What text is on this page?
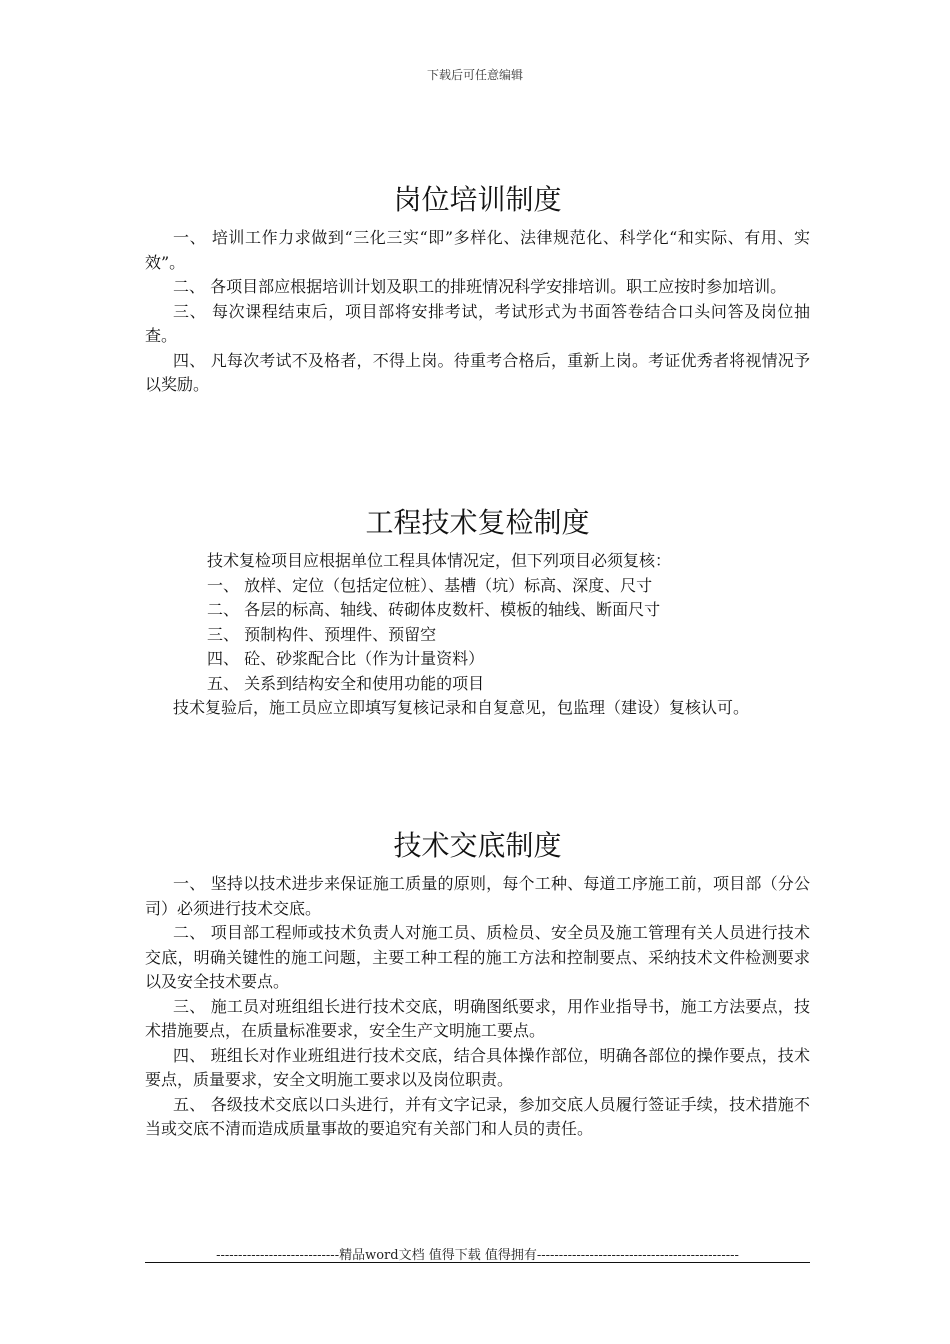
下载后可任意编辑
岗位培训制度

一、 培训工作力求做到“三化三实“即”多样化、法律规范化、科学化“和实际、有用、实效”。

二、 各项目部应根据培训计划及职工的排班情况科学安排培训。职工应按时参加培训。

三、 每次课程结束后，项目部将安排考试，考试形式为书面答卷结合口头问答及岗位抽查。

四、 凡每次考试不及格者，不得上岗。待重考合格后，重新上岗。考证优秀者将视情况予以奖励。

工程技术复检制度

技术复检项目应根据单位工程具体情况定，但下列项目必须复核：

一、 放样、定位（包括定位桩）、基槽（坑）标高、深度、尺寸

二、 各层的标高、轴线、砖砌体皮数杆、模板的轴线、断面尺寸

三、 预制构件、预埋件、预留空

四、 砼、砂浆配合比（作为计量资料）

五、 关系到结构安全和使用功能的项目

技术复验后，施工员应立即填写复核记录和自复意见，包监理（建设）复核认可。

技术交底制度

一、 坚持以技术进步来保证施工质量的原则，每个工种、每道工序施工前，项目部（分公司）必须进行技术交底。

二、 项目部工程师或技术负责人对施工员、质检员、安全员及施工管理有关人员进行技术交底，明确关键性的施工问题，主要工种工程的施工方法和控制要点、采纳技术文件检测要求以及安全技术要点。

三、 施工员对班组组长进行技术交底，明确图纸要求，用作业指导书，施工方法要点，技术措施要点，在质量标准要求，安全生产文明施工要点。

四、 班组长对作业班组进行技术交底，结合具体操作部位，明确各部位的操作要点，技术要点，质量要求，安全文明施工要求以及岗位职责。

五、 各级技术交底以口头进行，并有文字记录，参加交底人员履行签证手续，技术措施不当或交底不清而造成质量事故的要追究有关部门和人员的责任。

----------------------------精品word文档 值得下载 值得拥有----------------------------------------------
